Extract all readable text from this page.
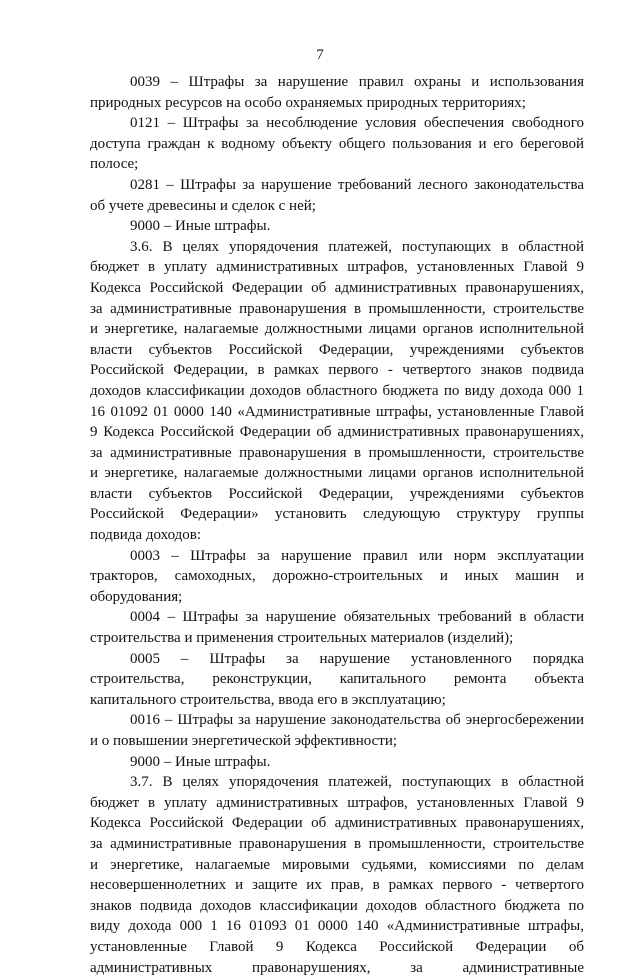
7
0039 – Штрафы за нарушение правил охраны и использования
природных ресурсов на особо охраняемых природных территориях;
0121 – Штрафы за несоблюдение условия обеспечения свободного
доступа граждан к водному объекту общего пользования и его береговой
полосе;
0281 – Штрафы за нарушение требований лесного законодательства
об учете древесины и сделок с ней;
9000 – Иные штрафы.
3.6. В целях упорядочения платежей, поступающих в областной
бюджет в уплату административных штрафов, установленных Главой 9
Кодекса Российской Федерации об административных правонарушениях,
за административные правонарушения в промышленности, строительстве
и энергетике, налагаемые должностными лицами органов исполнительной
власти субъектов Российской Федерации, учреждениями субъектов
Российской Федерации, в рамках первого - четвертого знаков подвида
доходов классификации доходов областного бюджета по виду дохода 000 1
16 01092 01 0000 140 «Административные штрафы, установленные Главой
9 Кодекса Российской Федерации об административных правонарушениях,
за административные правонарушения в промышленности, строительстве
и энергетике, налагаемые должностными лицами органов исполнительной
власти субъектов Российской Федерации, учреждениями субъектов
Российской Федерации» установить следующую структуру группы
подвида доходов:
0003 – Штрафы за нарушение правил или норм эксплуатации
тракторов, самоходных, дорожно-строительных и иных машин и
оборудования;
0004 – Штрафы за нарушение обязательных требований в области
строительства и применения строительных материалов (изделий);
0005 – Штрафы за нарушение установленного порядка
строительства, реконструкции, капитального ремонта объекта
капитального строительства, ввода его в эксплуатацию;
0016 – Штрафы за нарушение законодательства об энергосбережении
и о повышении энергетической эффективности;
9000 – Иные штрафы.
3.7. В целях упорядочения платежей, поступающих в областной
бюджет в уплату административных штрафов, установленных Главой 9
Кодекса Российской Федерации об административных правонарушениях,
за административные правонарушения в промышленности, строительстве
и энергетике, налагаемые мировыми судьями, комиссиями по делам
несовершеннолетних и защите их прав, в рамках первого - четвертого
знаков подвида доходов классификации доходов областного бюджета по
виду дохода 000 1 16 01093 01 0000 140 «Административные штрафы,
установленные Главой 9 Кодекса Российской Федерации об
административных правонарушениях, за административные
